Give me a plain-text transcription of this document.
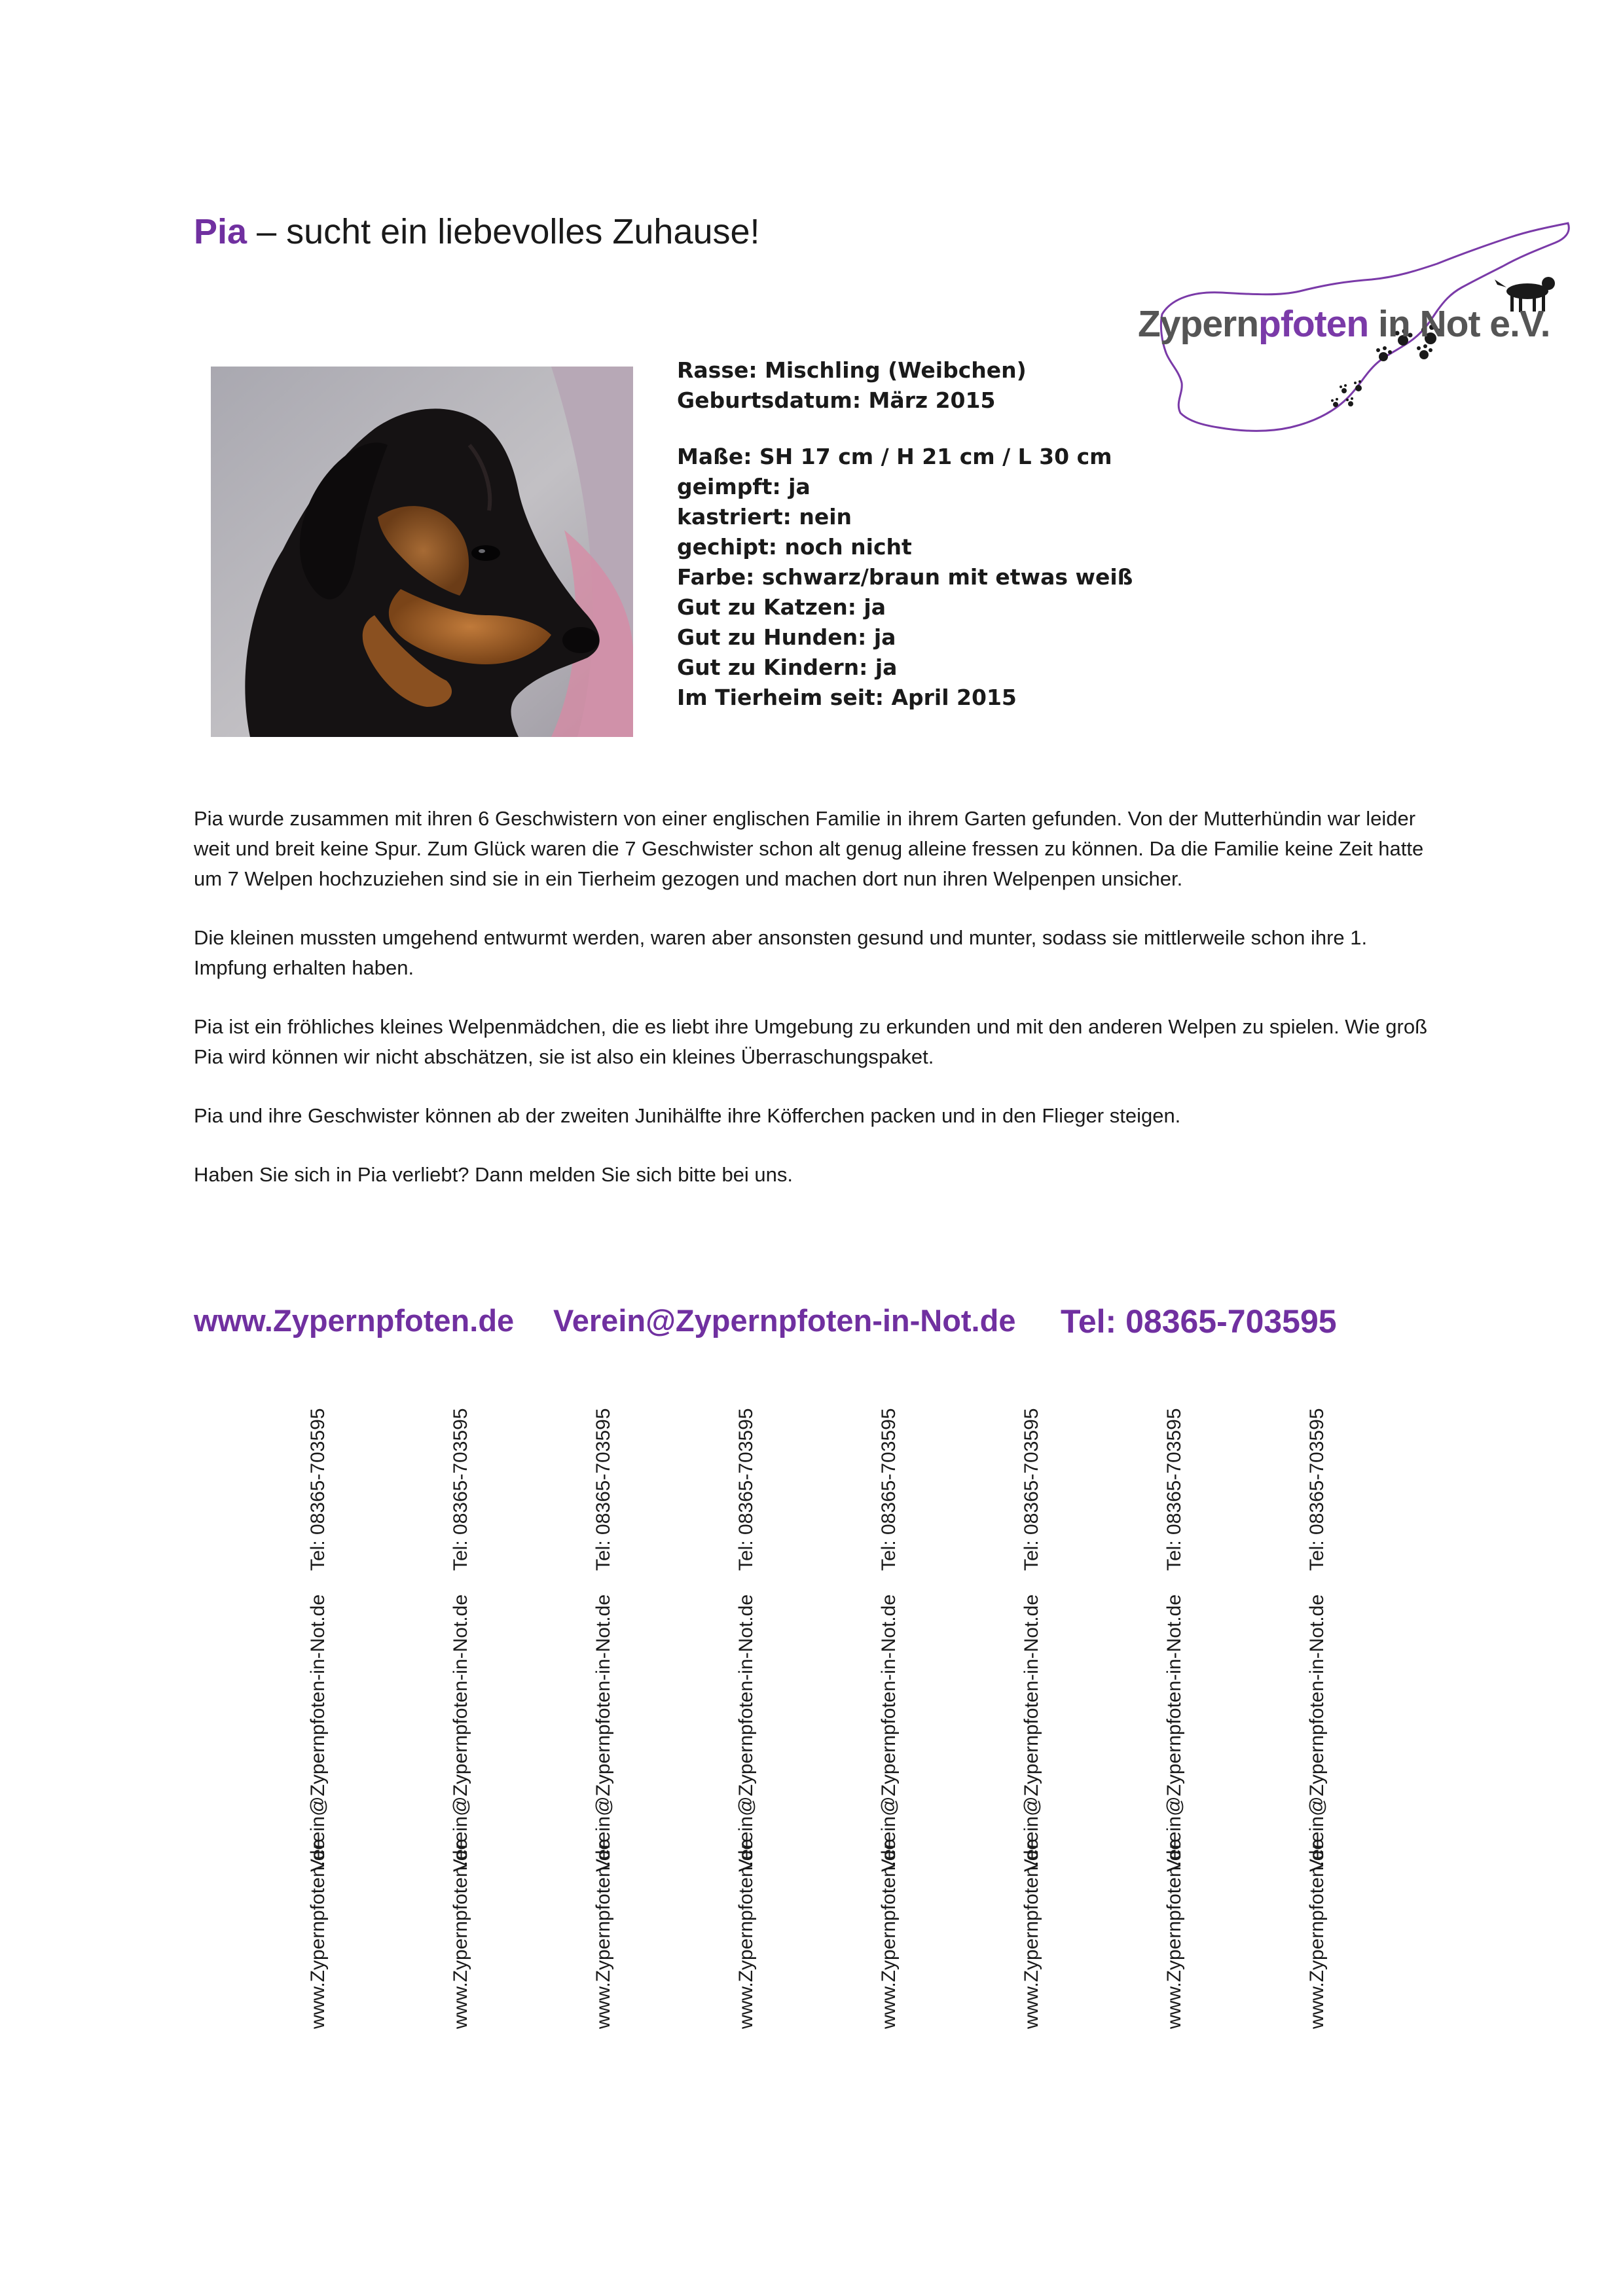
Pia – sucht ein liebevolles Zuhause!
Zypernpfoten in Not e.V.
Rasse: Mischling (Weibchen)
Geburtsdatum: März 2015
Maße: SH 17 cm / H 21 cm / L 30 cm
geimpft: ja
kastriert: nein
gechipt: noch nicht
Farbe: schwarz/braun mit etwas weiß
Gut zu Katzen: ja
Gut zu Hunden: ja
Gut zu Kindern: ja
Im Tierheim seit: April 2015

Pia wurde zusammen mit ihren 6 Geschwistern von einer englischen Familie in ihrem Garten gefunden. Von der Mutterhündin war leider weit und breit keine Spur. Zum Glück waren die 7 Geschwister schon alt genug alleine fressen zu können. Da die Familie keine Zeit hatte um 7 Welpen hochzuziehen sind sie in ein Tierheim gezogen und machen dort nun ihren Welpenpen unsicher.

Die kleinen mussten umgehend entwurmt werden, waren aber ansonsten gesund und munter, sodass sie mittlerweile schon ihre 1. Impfung erhalten haben.

Pia ist ein fröhliches kleines Welpenmädchen, die es liebt ihre Umgebung zu erkunden und mit den anderen Welpen zu spielen. Wie groß Pia wird können wir nicht abschätzen, sie ist also ein kleines Überraschungspaket.

Pia und ihre Geschwister können ab der zweiten Junihälfte ihre Köfferchen packen und in den Flieger steigen.

Haben Sie sich in Pia verliebt? Dann melden Sie sich bitte bei uns.

www.Zypernpfoten.de Verein@Zypernpfoten-in-Not.de Tel: 08365-703595
www.Zypernpfoten.de
Verein@Zypernpfoten-in-Not.de
Tel: 08365-703595
www.Zypernpfoten.de
Verein@Zypernpfoten-in-Not.de
Tel: 08365-703595
www.Zypernpfoten.de
Verein@Zypernpfoten-in-Not.de
Tel: 08365-703595
www.Zypernpfoten.de
Verein@Zypernpfoten-in-Not.de
Tel: 08365-703595
www.Zypernpfoten.de
Verein@Zypernpfoten-in-Not.de
Tel: 08365-703595
www.Zypernpfoten.de
Verein@Zypernpfoten-in-Not.de
Tel: 08365-703595
www.Zypernpfoten.de
Verein@Zypernpfoten-in-Not.de
Tel: 08365-703595
www.Zypernpfoten.de
Verein@Zypernpfoten-in-Not.de
Tel: 08365-703595
